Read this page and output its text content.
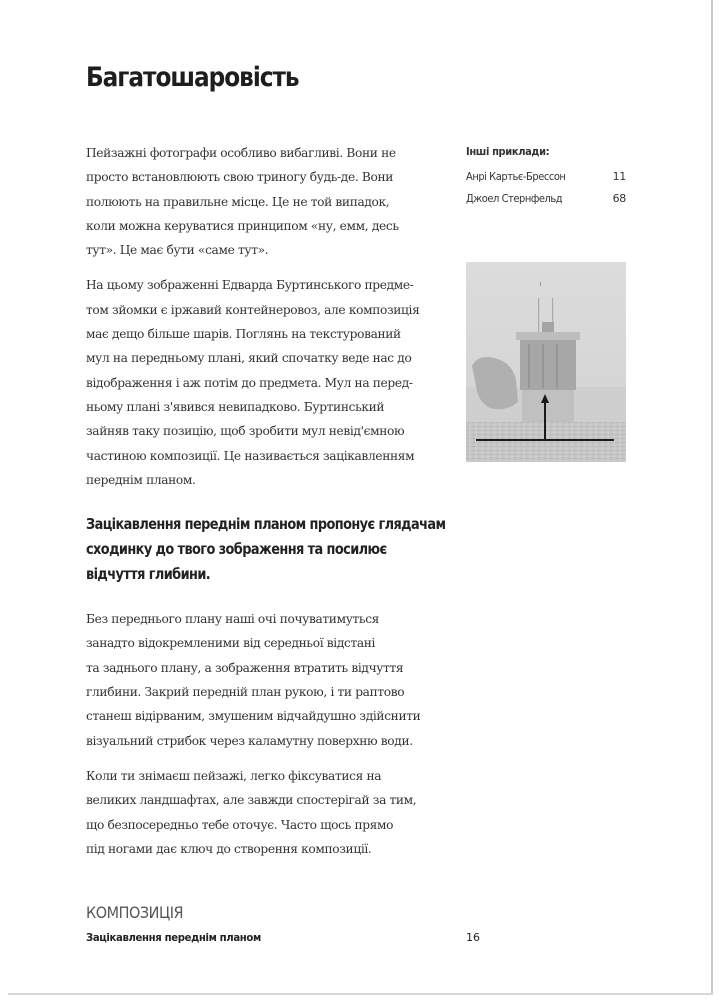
Багатошаровість

Пейзажні фотографи особливо вибагливі. Вони не
просто встановлюють свою триногу будь-де. Вони
полюють на правильне місце. Це не той випадок,
коли можна керуватися принципом «ну, емм, десь
тут». Це має бути «саме тут».

На цьому зображенні Едварда Буртинського предме-
том зйомки є іржавий контейнеровоз, але композиція
має дещо більше шарів. Поглянь на текстурований
мул на передньому плані, який спочатку веде нас до
відображення і аж потім до предмета. Мул на перед-
ньому плані з'явився невипадково. Буртинський
зайняв таку позицію, щоб зробити мул невід'ємною
частиною композиції. Це називається зацікавленням
переднім планом.

Зацікавлення переднім планом пропонує глядачам
сходинку до твого зображення та посилює
відчуття глибини.

Без переднього плану наші очі почуватимуться
занадто відокремленими від середньої відстані
та заднього плану, а зображення втратить відчуття
глибини. Закрий передній план рукою, і ти раптово
станеш відірваним, змушеним відчайдушно здійснити
візуальний стрибок через каламутну поверхню води.

Коли ти знімаєш пейзажі, легко фіксуватися на
великих ландшафтах, але завжди спостерігай за тим,
що безпосередньо тебе оточує. Часто щось прямо
під ногами дає ключ до створення композиції.

Інші приклади:
Анрі Картьє-Брессон	11
Джоел Стернфельд	68
КОМПОЗИЦІЯ
Зацікавлення переднім планом	16
